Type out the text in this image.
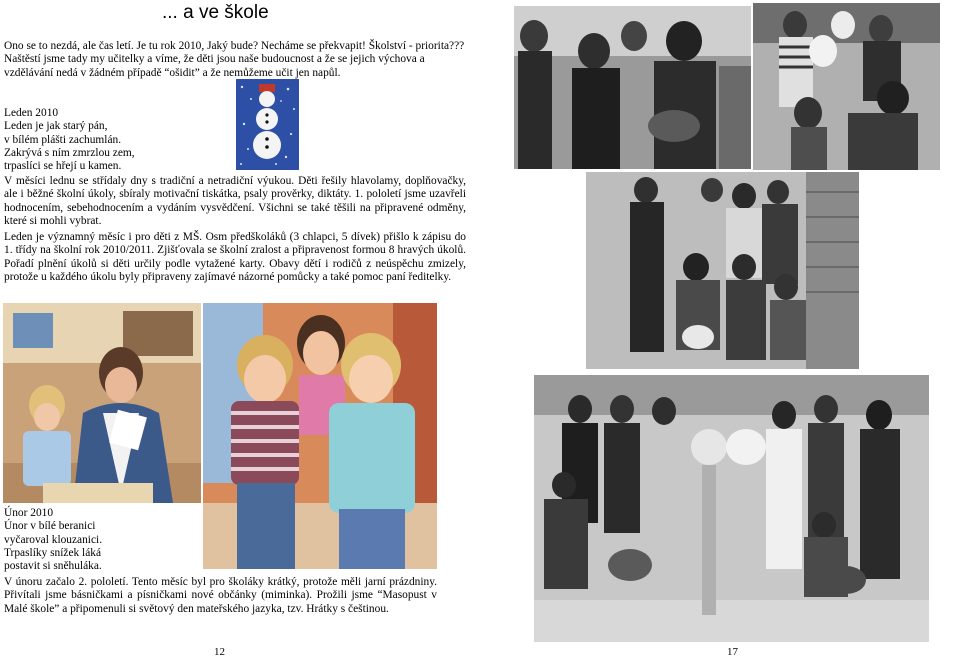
... a ve škole
Ono se to nezdá, ale čas letí. Je tu rok 2010, Jaký bude? Necháme se překvapit! Školství - priorita??? Naštěstí jsme tady my učitelky a víme, že děti jsou naše budoucnost a že se jejich výchova a vzdělávání nedá v žádném případě “ošidit” a že nemůžeme učit jen napůl.
Leden 2010
Leden je jak starý pán,
v bílém plášti zachumlán.
Zakrývá s ním zmrzlou zem,
trpaslíci se hřejí u kamen.
V měsíci lednu se střídaly dny s tradiční a netradiční výukou. Děti řešily hlavolamy, doplňovačky, ale i běžné školní úkoly, sbíraly motivační tiskátka, psaly prověrky, diktáty. 1. pololetí jsme uzavřeli hodnocením, sebehodnocením a vydáním vysvědčení. Všichni se také těšili na připravené odměny, které si mohli vybrat.
Leden je významný měsíc i pro děti z MŠ. Osm předškoláků (3 chlapci, 5 dívek) přišlo k zápisu do 1. třídy na školní rok 2010/2011. Zjišťovala se školní zralost a připravenost formou 8 hravých úkolů. Pořadí plnění úkolů si děti určily podle vytažené karty. Obavy dětí i rodičů z neúspěchu zmizely, protože u každého úkolu byly připraveny zajímavé názorné pomůcky a také pomoc paní ředitelky.
Únor 2010
Únor v bílé beranici
vyčaroval klouzanici.
Trpaslíky snížek láká
postavit si sněhuláka.
V únoru začalo 2. pololetí. Tento měsíc byl pro školáky krátký, protože měli jarní prázdniny. Přivítali jsme básničkami a písničkami nové občánky (miminka). Prožili jsme “Masopust v Malé škole” a připomenuli si světový den mateřského jazyka, tzv. Hrátky s češtinou.
12	17
